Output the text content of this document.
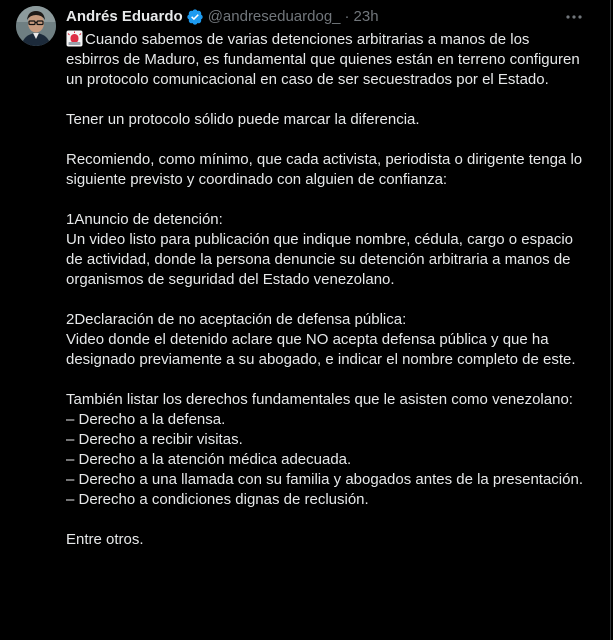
Andrés Eduardo @andreseduardog_ · 23h

Cuando sabemos de varias detenciones arbitrarias a manos de los esbirros de Maduro, es fundamental que quienes están en terreno configuren un protocolo comunicacional en caso de ser secuestrados por el Estado.

Tener un protocolo sólido puede marcar la diferencia.

Recomiendo, como mínimo, que cada activista, periodista o dirigente tenga lo siguiente previsto y coordinado con alguien de confianza:

1Anuncio de detención:
Un video listo para publicación que indique nombre, cédula, cargo o espacio de actividad, donde la persona denuncie su detención arbitraria a manos de organismos de seguridad del Estado venezolano.

2Declaración de no aceptación de defensa pública:
Video donde el detenido aclare que NO acepta defensa pública y que ha designado previamente a su abogado, e indicar el nombre completo de este.

También listar los derechos fundamentales que le asisten como venezolano:
– Derecho a la defensa.
– Derecho a recibir visitas.
– Derecho a la atención médica adecuada.
– Derecho a una llamada con su familia y abogados antes de la presentación.
– Derecho a condiciones dignas de reclusión.

Entre otros.
